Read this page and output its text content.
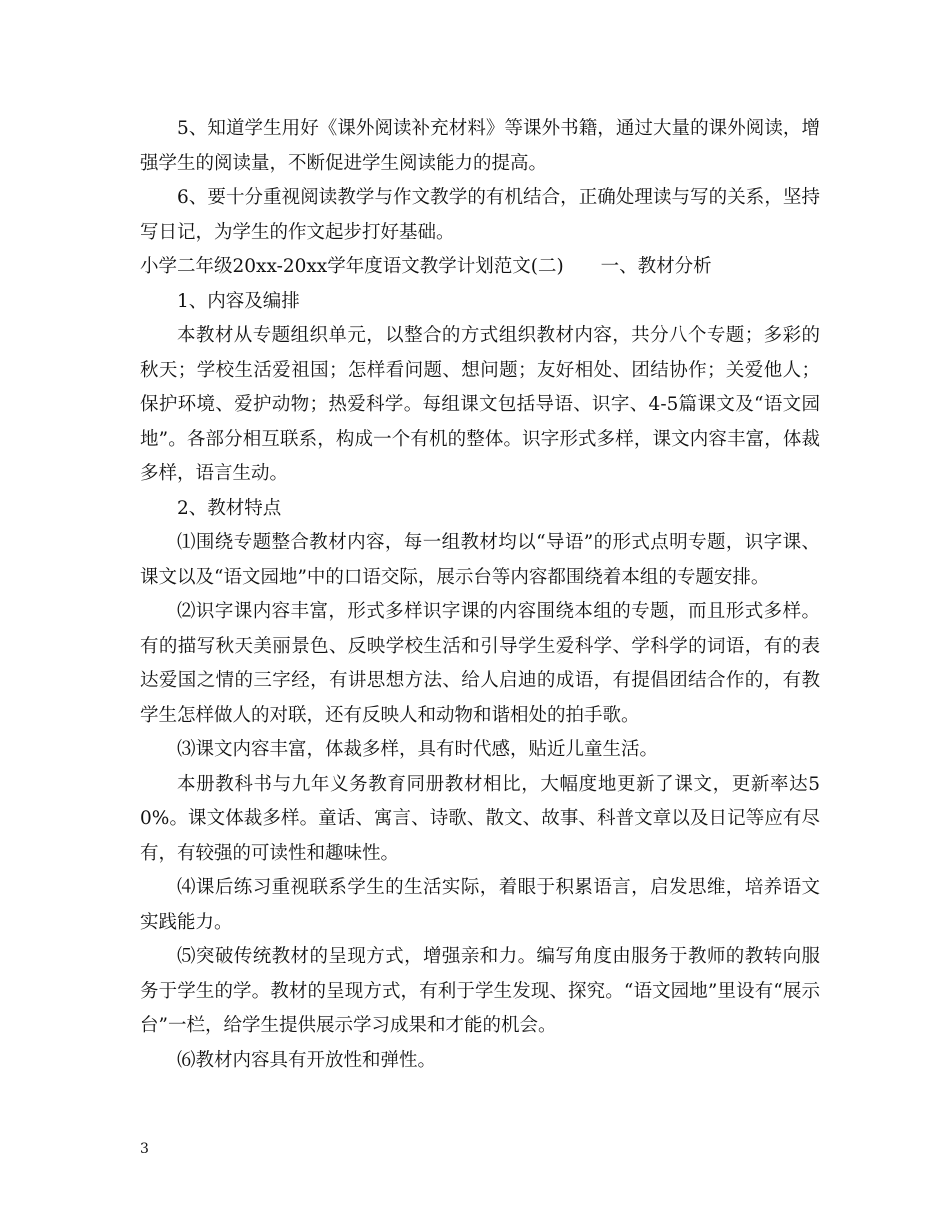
5、知道学生用好《课外阅读补充材料》等课外书籍，通过大量的课外阅读，增强学生的阅读量，不断促进学生阅读能力的提高。

6、要十分重视阅读教学与作文教学的有机结合，正确处理读与写的关系，坚持写日记，为学生的作文起步打好基础。

小学二年级20xx-20xx学年度语文教学计划范文(二)　　一、教材分析

1、内容及编排

本教材从专题组织单元，以整合的方式组织教材内容，共分八个专题；多彩的秋天；学校生活爱祖国；怎样看问题、想问题；友好相处、团结协作；关爱他人；保护环境、爱护动物；热爱科学。每组课文包括导语、识字、4-5篇课文及“语文园地”。各部分相互联系，构成一个有机的整体。识字形式多样，课文内容丰富，体裁多样，语言生动。

2、教材特点

⑴围绕专题整合教材内容，每一组教材均以“导语”的形式点明专题，识字课、课文以及“语文园地”中的口语交际，展示台等内容都围绕着本组的专题安排。

⑵识字课内容丰富，形式多样识字课的内容围绕本组的专题，而且形式多样。有的描写秋天美丽景色、反映学校生活和引导学生爱科学、学科学的词语，有的表达爱国之情的三字经，有讲思想方法、给人启迪的成语，有提倡团结合作的，有教学生怎样做人的对联，还有反映人和动物和谐相处的拍手歌。

⑶课文内容丰富，体裁多样，具有时代感，贴近儿童生活。

本册教科书与九年义务教育同册教材相比，大幅度地更新了课文，更新率达50%。课文体裁多样。童话、寓言、诗歌、散文、故事、科普文章以及日记等应有尽有，有较强的可读性和趣味性。

⑷课后练习重视联系学生的生活实际，着眼于积累语言，启发思维，培养语文实践能力。

⑸突破传统教材的呈现方式，增强亲和力。编写角度由服务于教师的教转向服务于学生的学。教材的呈现方式，有利于学生发现、探究。“语文园地”里设有“展示台”一栏，给学生提供展示学习成果和才能的机会。

⑹教材内容具有开放性和弹性。

3
